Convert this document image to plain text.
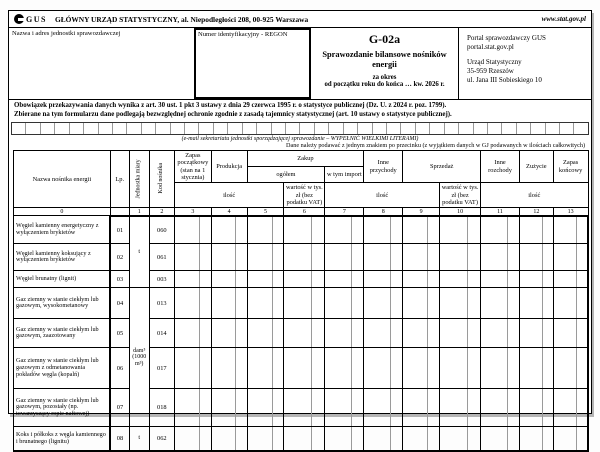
GUS GŁÓWNY URZĄD STATYSTYCZNY, al. Niepodległości 208, 00-925 Warszawa	www.stat.gov.pl
Nazwa i adres jednostki sprawozdawczej	Numer identyfikacyjny - REGON	G-02a
Sprawozdanie bilansowe nośników energii
za okres
od początku roku do końca … kw. 2026 r.
Portal sprawozdawczy GUS
portal.stat.gov.pl
Urząd Statystyczny
35-959 Rzeszów
ul. Jana III Sobieskiego 10
Obowiązek przekazywania danych wynika z art. 30 ust. 1 pkt 3 ustawy z dnia 29 czerwca 1995 r. o statystyce publicznej (Dz. U. z 2024 r. poz. 1799).
Zbierane na tym formularzu dane podlegają bezwzględnej ochronie zgodnie z zasadą tajemnicy statystycznej (art. 10 ustawy o statystyce publicznej).
(e-mail sekretariatu jednostki sporządzającej sprawozdanie – WYPEŁNIĆ WIELKIMI LITERAMI)
Dane należy podawać z jednym znakiem po przecinku (z wyjątkiem danych w GJ podawanych w ilościach całkowitych)
Nazwa nośnika energii	Lp.	Jednostka miary	Kod nośnika	Zapas początkowy (stan na 1 stycznia)	Produkcja	Zakup			Inne przychody	Sprzedaż		Inne rozchody	Zużycie	Zapas końcowy
						ogółem		w tym import						
				ilość			wartość w tys. zł (bez podatku VAT)	ilość			wartość w tys. zł (bez podatku VAT)	ilość		
0		1	2	3	4	5	6	7	8	9	10	11	12	13
Węgiel kamienny energetyczny z wyłączeniem brykietów	01	t	060											
Węgiel kamienny koksujący z wyłączeniem brykietów	02		061											
Węgiel brunatny (lignit)	03		003											
Gaz ziemny w stanie ciekłym lub gazowym, wysokometanowy	04	dam³ (1000 m³)	013											
Gaz ziemny w stanie ciekłym lub gazowym, zaazotowany	05		014											
Gaz ziemny w stanie ciekłym lub gazowym z odmetanowania pokładów węgla (kopalń)	06		017											
Gaz ziemny w stanie ciekłym lub gazowym, pozostały (np. towarzyszący ropie naftowej)	07		018											
Koks i półkoks z węgla kamiennego i brunatnego (lignitu)	08	t	062											
